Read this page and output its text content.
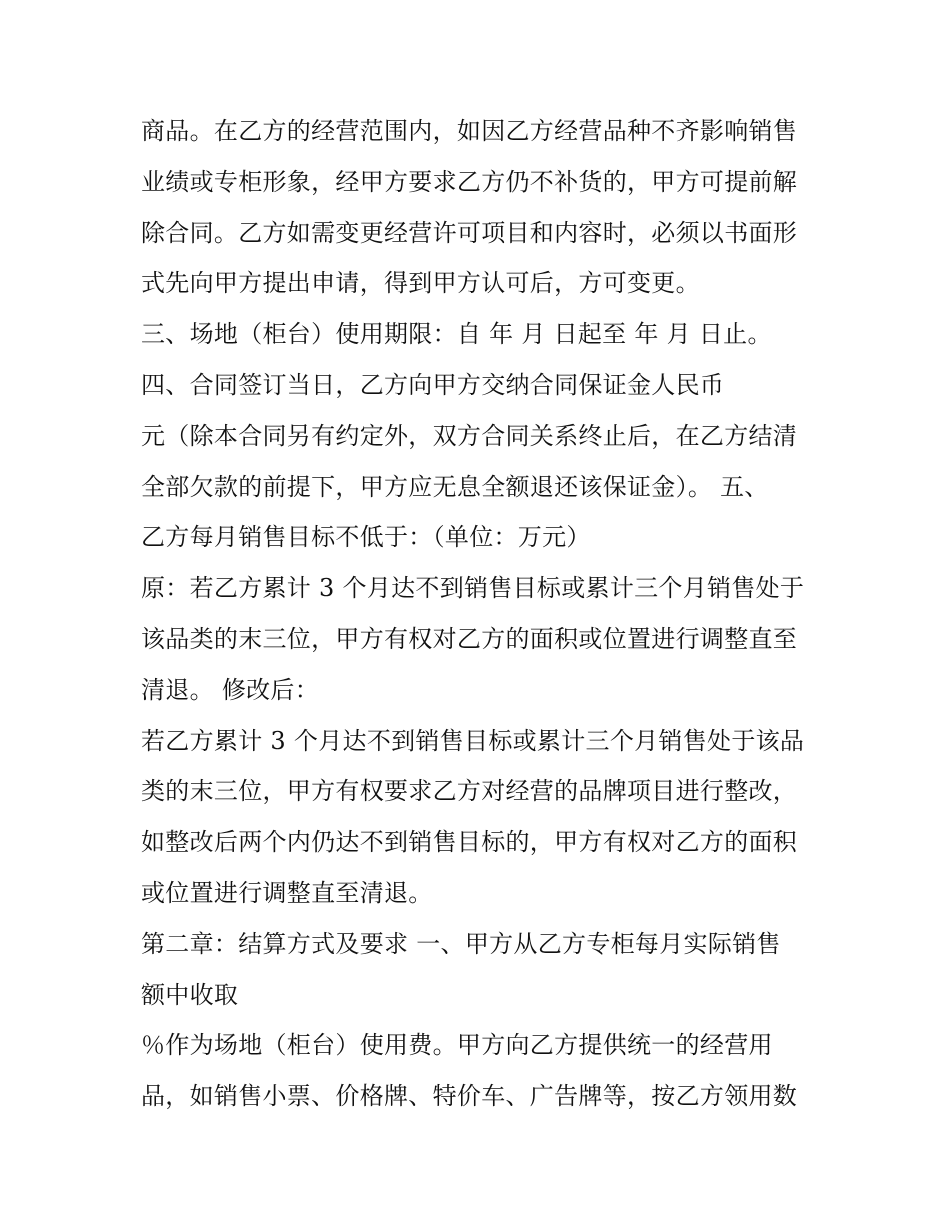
商品。在乙方的经营范围内，如因乙方经营品种不齐影响销售
业绩或专柜形象，经甲方要求乙方仍不补货的，甲方可提前解
除合同。乙方如需变更经营许可项目和内容时，必须以书面形
式先向甲方提出申请，得到甲方认可后，方可变更。
三、场地（柜台）使用期限：自 年 月 日起至 年 月 日止。
四、合同签订当日，乙方向甲方交纳合同保证金人民币
元（除本合同另有约定外，双方合同关系终止后，在乙方结清
全部欠款的前提下，甲方应无息全额退还该保证金）。 五、
乙方每月销售目标不低于：（单位：万元）
原：若乙方累计 3 个月达不到销售目标或累计三个月销售处于
该品类的末三位，甲方有权对乙方的面积或位置进行调整直至
清退。 修改后：
若乙方累计 3 个月达不到销售目标或累计三个月销售处于该品
类的末三位，甲方有权要求乙方对经营的品牌项目进行整改，
如整改后两个内仍达不到销售目标的，甲方有权对乙方的面积
或位置进行调整直至清退。
第二章：结算方式及要求 一、甲方从乙方专柜每月实际销售
额中收取
％作为场地（柜台）使用费。甲方向乙方提供统一的经营用
品，如销售小票、价格牌、特价车、广告牌等，按乙方领用数
